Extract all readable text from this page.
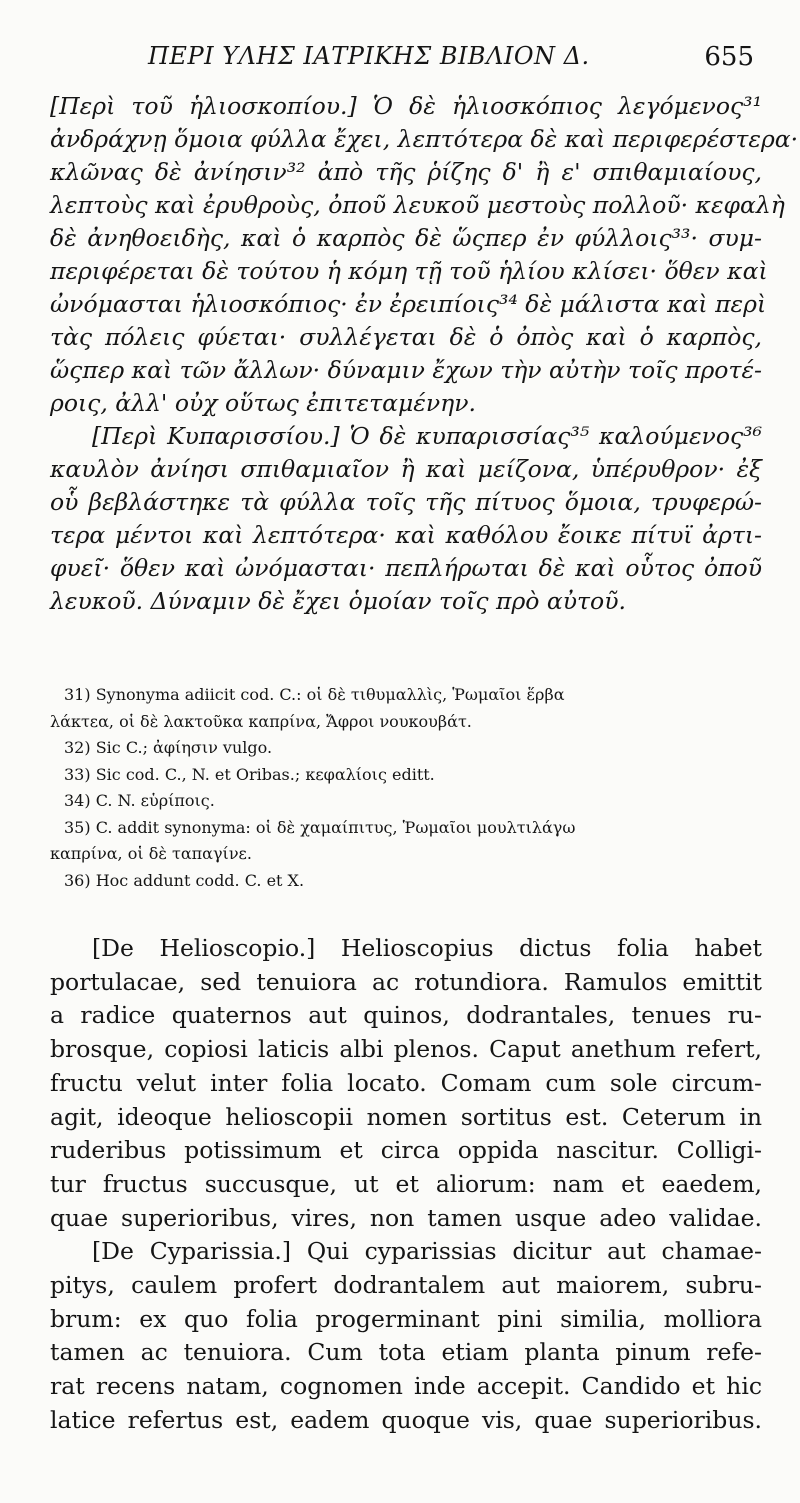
ΠΕΡΙ ΥΛΗΣ ΙΑΤΡΙΚΗΣ ΒΙΒΛΙΟΝ Δ.	655
[Περὶ τοῦ ἡλιοσκοπίου.] Ὁ δὲ ἡλιοσκόπιος λεγόμενος³¹
ἀνδράχνῃ ὅμοια φύλλα ἔχει, λεπτότερα δὲ καὶ περιφερέστερα·
κλῶνας δὲ ἀνίησιν³² ἀπὸ τῆς ῥίζης δ' ἢ ε' σπιθαμιαίους,
λεπτοὺς καὶ ἐρυθροὺς, ὀποῦ λευκοῦ μεστοὺς πολλοῦ· κεφαλὴ
δὲ ἀνηθοειδὴς, καὶ ὁ καρπὸς δὲ ὥςπερ ἐν φύλλοις³³· συμ-
περιφέρεται δὲ τούτου ἡ κόμη τῇ τοῦ ἡλίου κλίσει· ὅθεν καὶ
ὠνόμασται ἡλιοσκόπιος· ἐν ἐρειπίοις³⁴ δὲ μάλιστα καὶ περὶ
τὰς πόλεις φύεται· συλλέγεται δὲ ὁ ὀπὸς καὶ ὁ καρπὸς,
ὥςπερ καὶ τῶν ἄλλων· δύναμιν ἔχων τὴν αὐτὴν τοῖς προτέ-
ροις, ἀλλ' οὐχ οὕτως ἐπιτεταμένην.
[Περὶ Κυπαρισσίου.] Ὁ δὲ κυπαρισσίας³⁵ καλούμενος³⁶
καυλὸν ἀνίησι σπιθαμιαῖον ἢ καὶ μείζονα, ὑπέρυθρον· ἐξ
οὗ βεβλάστηκε τὰ φύλλα τοῖς τῆς πίτυος ὅμοια, τρυφερώ-
τερα μέντοι καὶ λεπτότερα· καὶ καθόλου ἔοικε πίτυϊ ἀρτι-
φυεῖ· ὅθεν καὶ ὠνόμασται· πεπλήρωται δὲ καὶ οὗτος ὀποῦ
λευκοῦ. Δύναμιν δὲ ἔχει ὁμοίαν τοῖς πρὸ αὐτοῦ.
31) Synonyma adiicit cod. C.: οἱ δὲ τιθυμαλλὶς, Ῥωμαῖοι ἕρβα
λάκτεα, οἱ δὲ λακτοῦκα καπρίνα, Ἄφροι νουκουβάτ.
32) Sic C.; ἀφίησιν vulgo.
33) Sic cod. C., N. et Oribas.; κεφαλίοις editt.
34) C. N. εὑρίποις.
35) C. addit synonyma: οἱ δὲ χαμαίπιτυς, Ῥωμαῖοι μουλτιλάγω
καπρίνα, οἱ δὲ ταπαγίνε.
36) Hoc addunt codd. C. et X.
[De Helioscopio.] Helioscopius dictus folia habet
portulacae, sed tenuiora ac rotundiora. Ramulos emittit
a radice quaternos aut quinos, dodrantales, tenues ru-
brosque, copiosi laticis albi plenos. Caput anethum refert,
fructu velut inter folia locato. Comam cum sole circum-
agit, ideoque helioscopii nomen sortitus est. Ceterum in
ruderibus potissimum et circa oppida nascitur. Colligi-
tur fructus succusque, ut et aliorum: nam et eaedem,
quae superioribus, vires, non tamen usque adeo validae.
[De Cyparissia.] Qui cyparissias dicitur aut chamae-
pitys, caulem profert dodrantalem aut maiorem, subru-
brum: ex quo folia progerminant pini similia, molliora
tamen ac tenuiora. Cum tota etiam planta pinum refe-
rat recens natam, cognomen inde accepit. Candido et hic
latice refertus est, eadem quoque vis, quae superioribus.
